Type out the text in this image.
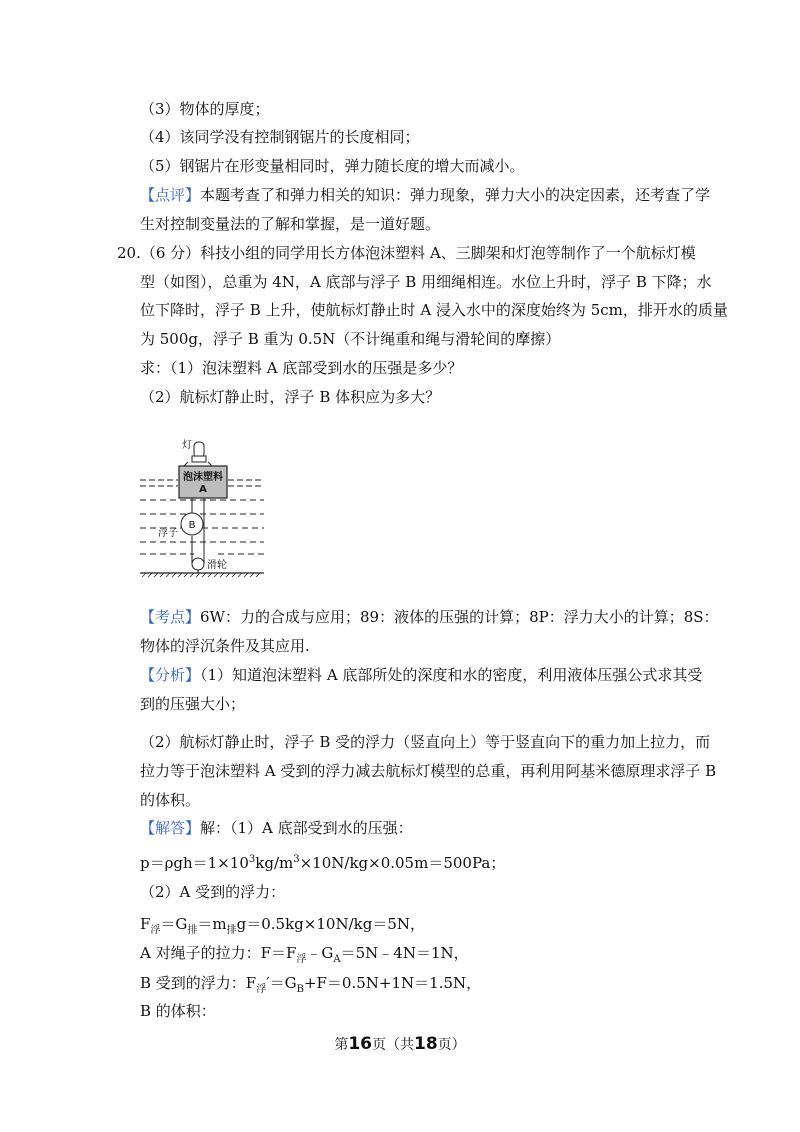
（3）物体的厚度；
（4）该同学没有控制钢锯片的长度相同；
（5）钢锯片在形变量相同时，弹力随长度的增大而减小。
【点评】本题考查了和弹力相关的知识：弹力现象，弹力大小的决定因素，还考查了学
生对控制变量法的了解和掌握，是一道好题。
20.（6 分）科技小组的同学用长方体泡沫塑料 A、三脚架和灯泡等制作了一个航标灯模
型（如图），总重为 4N，A 底部与浮子 B 用细绳相连。水位上升时，浮子 B 下降；水
位下降时，浮子 B 上升，使航标灯静止时 A 浸入水中的深度始终为 5cm，排开水的质量
为 500g，浮子 B 重为 0.5N（不计绳重和绳与滑轮间的摩擦）
求：（1）泡沫塑料 A 底部受到水的压强是多少？
（2）航标灯静止时，浮子 B 体积应为多大？
灯
泡沫塑料
A
B
浮子
滑轮
【考点】6W：力的合成与应用；89：液体的压强的计算；8P：浮力大小的计算；8S：
物体的浮沉条件及其应用.
【分析】（1）知道泡沫塑料 A 底部所处的深度和水的密度，利用液体压强公式求其受
到的压强大小；
（2）航标灯静止时，浮子 B 受的浮力（竖直向上）等于竖直向下的重力加上拉力，而
拉力等于泡沫塑料 A 受到的浮力减去航标灯模型的总重，再利用阿基米德原理求浮子 B
的体积。
【解答】解：（1）A 底部受到水的压强：
$p=\rho gh=1\times 10^3kg/m^3\times 10N/kg\times 0.05m=500Pa$；
（2）A 受到的浮力：
$F_浮=G_排=m_排g=0.5kg\times 10N/kg=5N$，
A 对绳子的拉力：$F=F_浮﹣G_A=5N﹣4N=1N$，
B 受到的浮力：$F_浮'=G_B+F=0.5N+1N=1.5N$，
B 的体积：
第16页（共18页）
